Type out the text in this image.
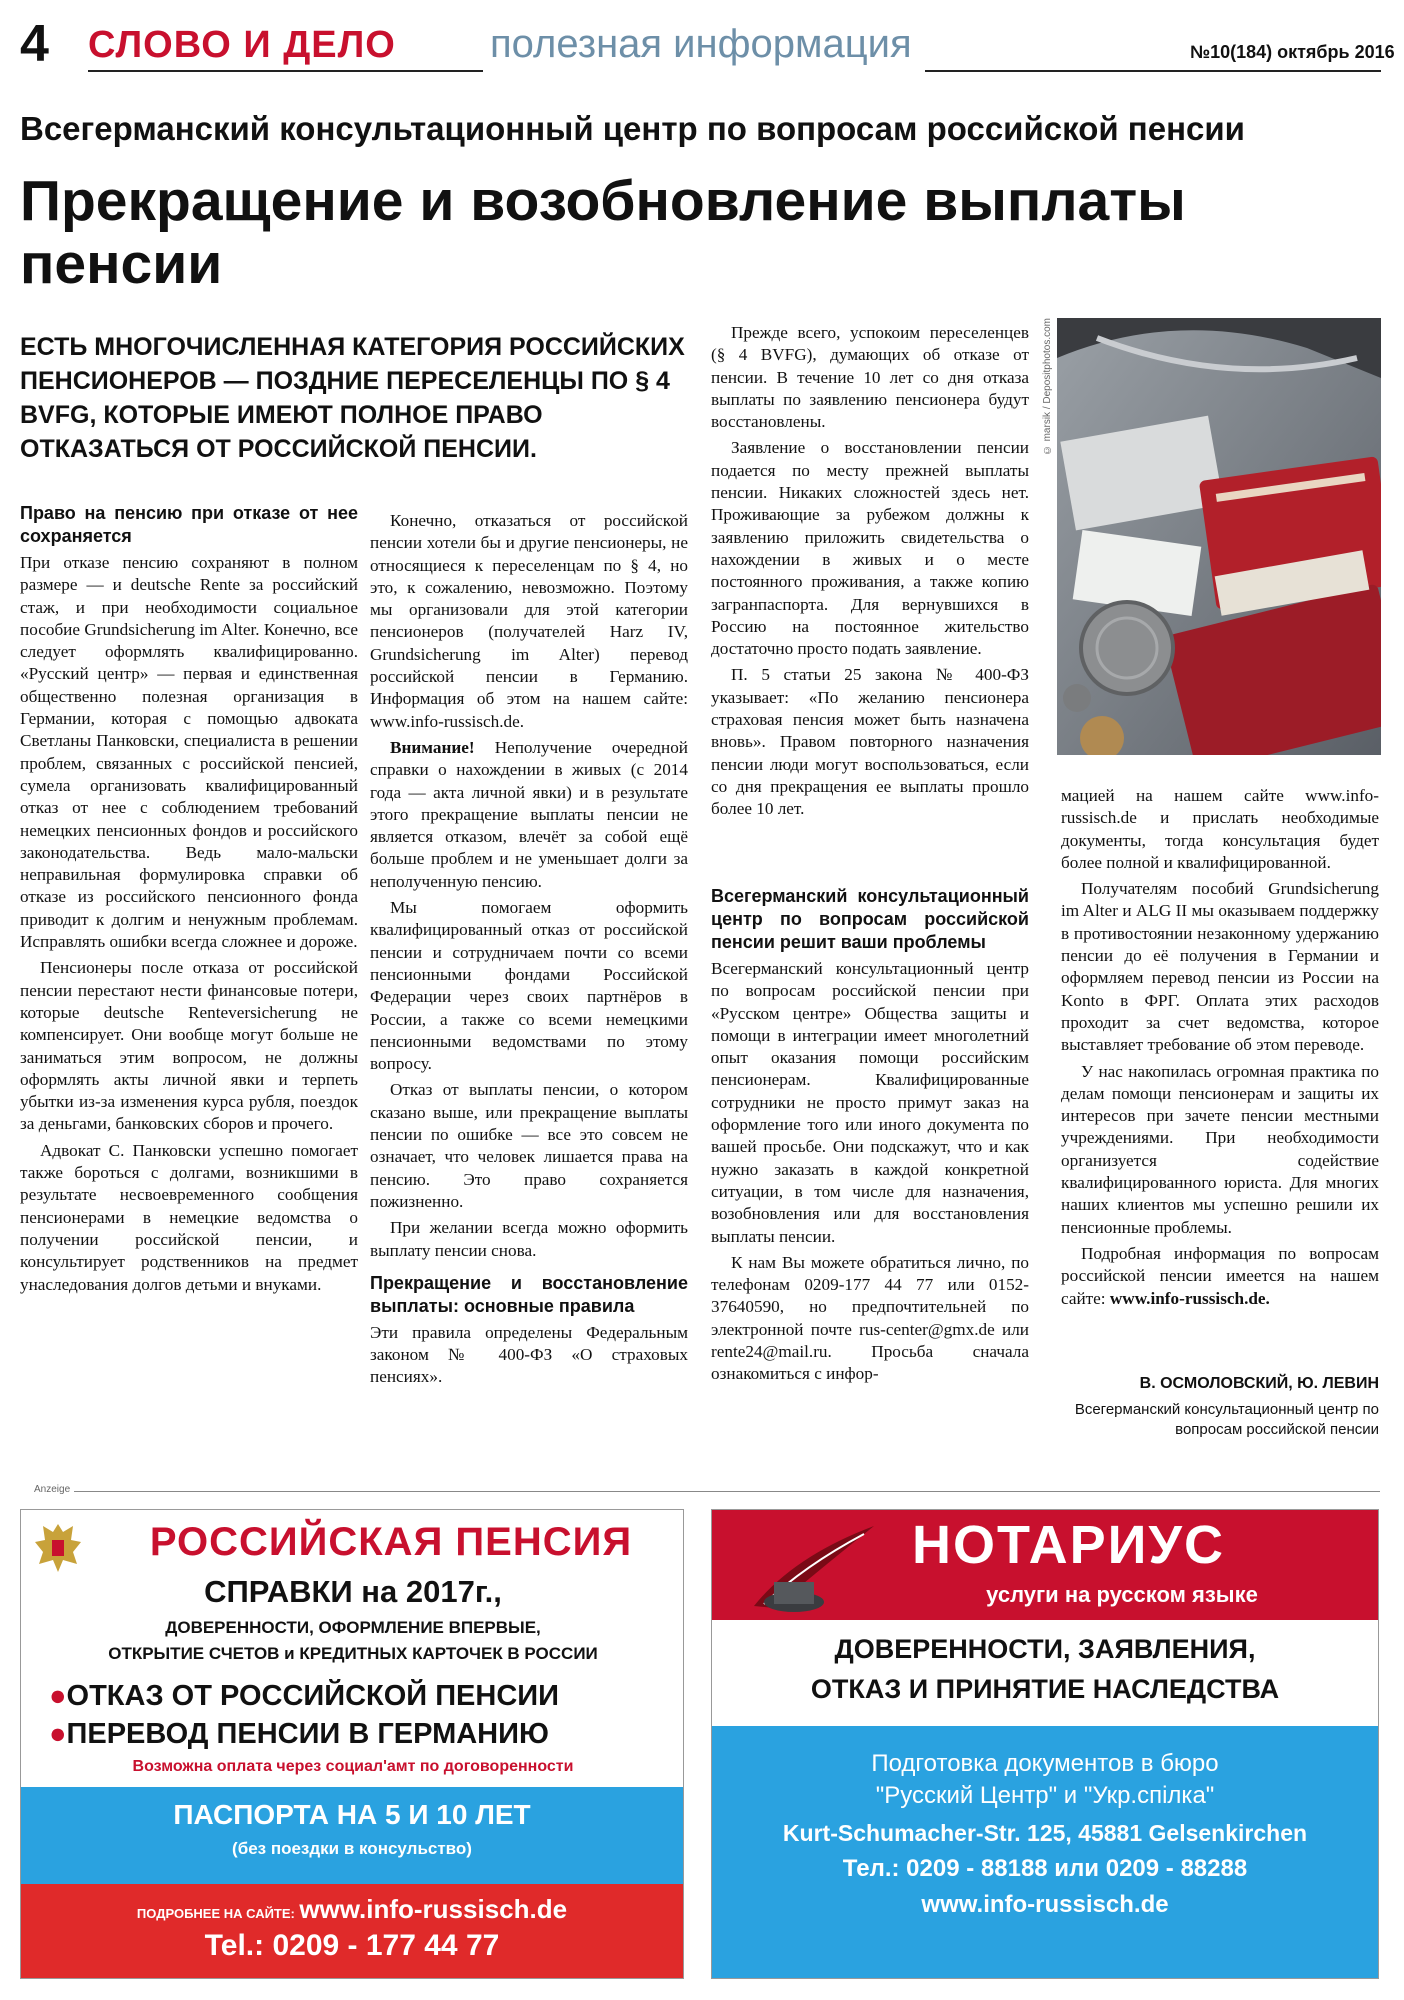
4 СЛОВО И ДЕЛО полезная информация	№10(184) октябрь 2016
Всегерманский консультационный центр по вопросам российской пенсии
Прекращение и возобновление выплаты пенсии
ЕСТЬ МНОГОЧИСЛЕННАЯ КАТЕГОРИЯ РОССИЙСКИХ ПЕНСИОНЕРОВ — ПОЗДНИЕ ПЕРЕСЕЛЕНЦЫ ПО § 4 BVFG, КОТОРЫЕ ИМЕЮТ ПОЛНОЕ ПРАВО ОТКАЗАТЬСЯ ОТ РОССИЙСКОЙ ПЕНСИИ.
Право на пенсию при отказе от нее сохраняется

При отказе пенсию сохраняют в полном размере — и deutsche Rente за российский стаж, и при необходимости социальное пособие Grundsicherung im Alter. Конечно, все следует оформлять квалифицированно. «Русский центр» — первая и единственная общественно полезная организация в Германии, которая с помощью адвоката Светланы Панковски, специалиста в решении проблем, связанных с российской пенсией, сумела организовать квалифицированный отказ от нее с соблюдением требований немецких пенсионных фондов и российского законодательства. Ведь мало-мальски неправильная формулировка справки об отказе из российского пенсионного фонда приводит к долгим и ненужным проблемам. Исправлять ошибки всегда сложнее и дороже.

Пенсионеры после отказа от российской пенсии перестают нести финансовые потери, которые deutsche Renteversicherung не компенсирует. Они вообще могут больше не заниматься этим вопросом, не должны оформлять акты личной явки и терпеть убытки из-за изменения курса рубля, поездок за деньгами, банковских сборов и прочего.

Адвокат С. Панковски успешно помогает также бороться с долгами, возникшими в результате несвоевременного сообщения пенсионерами в немецкие ведомства о получении российской пенсии, и консультирует родственников на предмет унаследования долгов детьми и внуками.

Конечно, отказаться от российской пенсии хотели бы и другие пенсионеры, не относящиеся к переселенцам по § 4, но это, к сожалению, невозможно. Поэтому мы организовали для этой категории пенсионеров (получателей Harz IV, Grundsicherung im Alter) перевод российской пенсии в Германию. Информация об этом на нашем сайте: www.info-russisch.de.

Внимание! Неполучение очередной справки о нахождении в живых (с 2014 года — акта личной явки) и в результате этого прекращение выплаты пенсии не является отказом, влечёт за собой ещё больше проблем и не уменьшает долги за неполученную пенсию.

Мы помогаем оформить квалифицированный отказ от российской пенсии и сотрудничаем почти со всеми пенсионными фондами Российской Федерации через своих партнёров в России, а также со всеми немецкими пенсионными ведомствами по этому вопросу.

Отказ от выплаты пенсии, о котором сказано выше, или прекращение выплаты пенсии по ошибке — все это совсем не означает, что человек лишается права на пенсию. Это право сохраняется пожизненно.

При желании всегда можно оформить выплату пенсии снова.

Прекращение и восстановление выплаты: основные правила

Эти правила определены Федеральным законом № 400-ФЗ «О страховых пенсиях».

Прежде всего, успокоим переселенцев (§ 4 BVFG), думающих об отказе от пенсии. В течение 10 лет со дня отказа выплаты по заявлению пенсионера будут восстановлены.

Заявление о восстановлении пенсии подается по месту прежней выплаты пенсии. Никаких сложностей здесь нет. Проживающие за рубежом должны к заявлению приложить свидетельства о нахождении в живых и о месте постоянного проживания, а также копию загранпаспорта. Для вернувшихся в Россию на постоянное жительство достаточно просто подать заявление.

П. 5 статьи 25 закона № 400-ФЗ указывает: «По желанию пенсионера страховая пенсия может быть назначена вновь». Правом повторного назначения пенсии люди могут воспользоваться, если со дня прекращения ее выплаты прошло более 10 лет.

Всегерманский консультационный центр по вопросам российской пенсии решит ваши проблемы

Всегерманский консультационный центр по вопросам российской пенсии при «Русском центре» Общества защиты и помощи в интеграции имеет многолетний опыт оказания помощи российским пенсионерам. Квалифицированные сотрудники не просто примут заказ на оформление того или иного документа по вашей просьбе. Они подскажут, что и как нужно заказать в каждой конкретной ситуации, в том числе для назначения, возобновления или для восстановления выплаты пенсии.

К нам Вы можете обратиться лично, по телефонам 0209-177 44 77 или 0152-37640590, но предпочтительней по электронной почте rus-center@gmx.de или rente24@mail.ru. Просьба сначала ознакомиться с инфор-

© marsik / Depositphotos.com

мацией на нашем сайте www.info-russisch.de и прислать необходимые документы, тогда консультация будет более полной и квалифицированной.

Получателям пособий Grundsicherung im Alter и ALG II мы оказываем поддержку в противостоянии незаконному удержанию пенсии до её получения в Германии и оформляем перевод пенсии из России на Konto в ФРГ. Оплата этих расходов проходит за счет ведомства, которое выставляет требование об этом переводе.

У нас накопилась огромная практика по делам помощи пенсионерам и защиты их интересов при зачете пенсии местными учреждениями. При необходимости организуется содействие квалифицированного юриста. Для многих наших клиентов мы успешно решили их пенсионные проблемы.

Подробная информация по вопросам российской пенсии имеется на нашем сайте: www.info-russisch.de.

В. ОСМОЛОВСКИЙ, Ю. ЛЕВИН
Всегерманский консультационный центр по вопросам российской пенсии
Anzeige
РОССИЙСКАЯ ПЕНСИЯ
СПРАВКИ на 2017г.,
ДОВЕРЕННОСТИ, ОФОРМЛЕНИЕ ВПЕРВЫЕ,
ОТКРЫТИЕ СЧЕТОВ и КРЕДИТНЫХ КАРТОЧЕК В РОССИИ
●ОТКАЗ ОТ РОССИЙСКОЙ ПЕНСИИ
●ПЕРЕВОД ПЕНСИИ В ГЕРМАНИЮ
Возможна оплата через социал'амт по договоренности
ПАСПОРТА НА 5 И 10 ЛЕТ
(без поездки в консульство)
ПОДРОБНЕЕ НА САЙТЕ: www.info-russisch.de
Tel.: 0209 - 177 44 77
НОТАРИУС
услуги на русском языке
ДОВЕРЕННОСТИ, ЗАЯВЛЕНИЯ,
ОТКАЗ И ПРИНЯТИЕ НАСЛЕДСТВА
Подготовка документов в бюро
"Русский Центр" и "Укр.спілка"
Kurt-Schumacher-Str. 125, 45881 Gelsenkirchen
Тел.: 0209 - 88188 или 0209 - 88288
www.info-russisch.de
